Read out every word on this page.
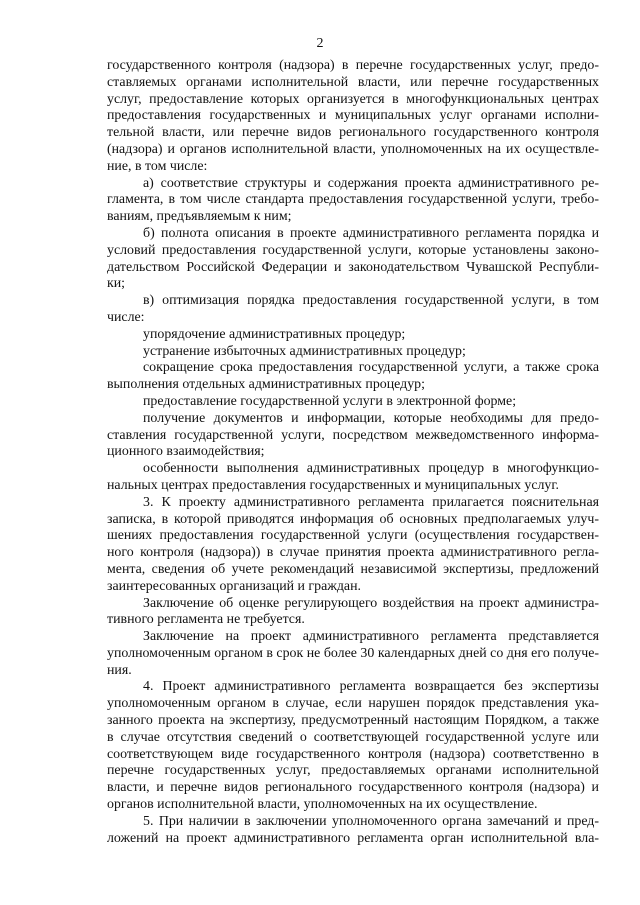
2
государственного контроля (надзора) в перечне государственных услуг, предо-
ставляемых органами исполнительной власти, или перечне государственных
услуг, предоставление которых организуется в многофункциональных центрах
предоставления государственных и муниципальных услуг органами исполни-
тельной власти, или перечне видов регионального государственного контроля
(надзора) и органов исполнительной власти, уполномоченных на их осуществле-
ние, в том числе:
а) соответствие структуры и содержания проекта административного ре-
гламента, в том числе стандарта предоставления государственной услуги, требо-
ваниям, предъявляемым к ним;
б) полнота описания в проекте административного регламента порядка и
условий предоставления государственной услуги, которые установлены законо-
дательством Российской Федерации и законодательством Чувашской Республи-
ки;
в) оптимизация порядка предоставления государственной услуги, в том
числе:
упорядочение административных процедур;
устранение избыточных административных процедур;
сокращение срока предоставления государственной услуги, а также срока
выполнения отдельных административных процедур;
предоставление государственной услуги в электронной форме;
получение документов и информации, которые необходимы для предо-
ставления государственной услуги, посредством межведомственного информа-
ционного взаимодействия;
особенности выполнения административных процедур в многофункцио-
нальных центрах предоставления государственных и муниципальных услуг.
3. К проекту административного регламента прилагается пояснительная
записка, в которой приводятся информация об основных предполагаемых улуч-
шениях предоставления государственной услуги (осуществления государствен-
ного контроля (надзора)) в случае принятия проекта административного регла-
мента, сведения об учете рекомендаций независимой экспертизы, предложений
заинтересованных организаций и граждан.
Заключение об оценке регулирующего воздействия на проект администра-
тивного регламента не требуется.
Заключение на проект административного регламента представляется
уполномоченным органом в срок не более 30 календарных дней со дня его получе-
ния.
4. Проект административного регламента возвращается без экспертизы
уполномоченным органом в случае, если нарушен порядок представления ука-
занного проекта на экспертизу, предусмотренный настоящим Порядком, а также
в случае отсутствия сведений о соответствующей государственной услуге или
соответствующем виде государственного контроля (надзора) соответственно в
перечне государственных услуг, предоставляемых органами исполнительной
власти, и перечне видов регионального государственного контроля (надзора) и
органов исполнительной власти, уполномоченных на их осуществление.
5. При наличии в заключении уполномоченного органа замечаний и пред-
ложений на проект административного регламента орган исполнительной вла-
